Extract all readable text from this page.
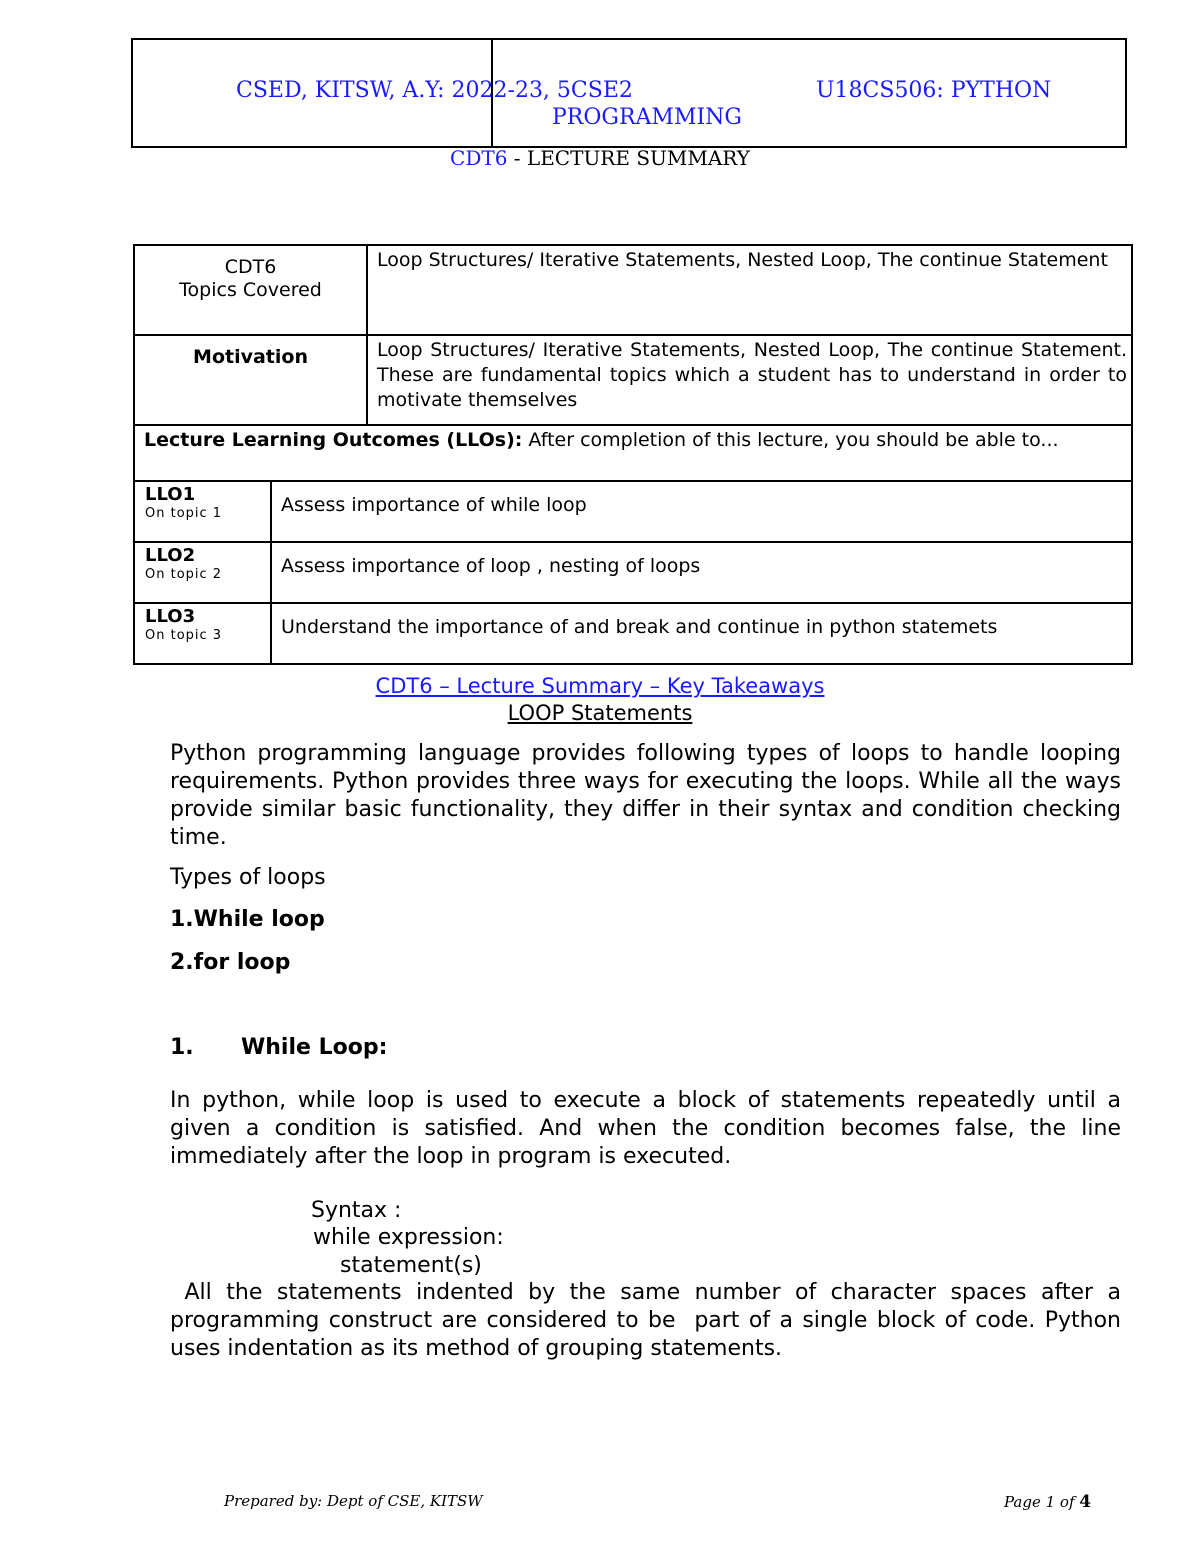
CSED, KITSW, A.Y: 2022-23, 5CSE2	U18CS506: PYTHON
PROGRAMMING
CDT6 - LECTURE SUMMARY
CDT6
Topics Covered		Loop Structures/ Iterative Statements, Nested Loop, The continue Statement
Motivation		Loop Structures/ Iterative Statements, Nested Loop, The continue Statement. These are fundamental topics which a student has to understand in order to motivate themselves
Lecture Learning Outcomes (LLOs): After completion of this lecture, you should be able to...		
LLO1
On topic 1	Assess importance of while loop	
LLO2
On topic 2	Assess importance of loop , nesting of loops	
LLO3
On topic 3	Understand the importance of and break and continue in python statemets	
CDT6 – Lecture Summary – Key Takeaways
LOOP Statements
Python programming language provides following types of loops to handle looping requirements. Python provides three ways for executing the loops. While all the ways provide similar basic functionality, they differ in their syntax and condition checking time.
Types of loops
1.While loop
2.for loop
1. While Loop:
In python, while loop is used to execute a block of statements repeatedly until a given a condition is satisfied. And when the condition becomes false, the line immediately after the loop in program is executed.
Syntax :
while expression:
statement(s)
All the statements indented by the same number of character spaces after a programming construct are considered to be  part of a single block of code. Python uses indentation as its method of grouping statements.
Prepared by: Dept of CSE, KITSW	Page 1 of 4
